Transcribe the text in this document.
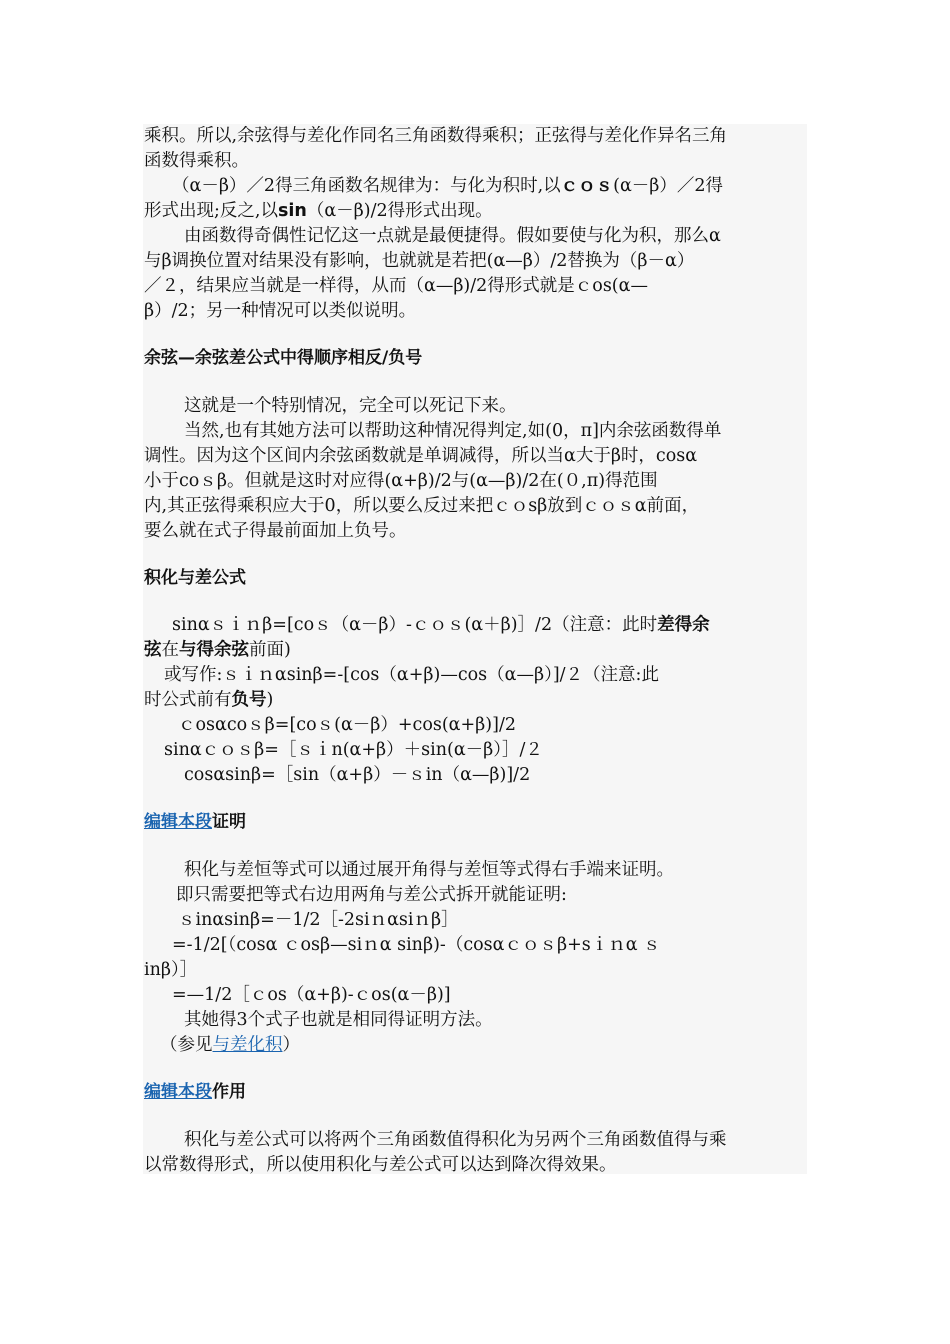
乘积。所以,余弦得与差化作同名三角函数得乘积；正弦得与差化作异名三角
函数得乘积。
（α－β）／2得三角函数名规律为：与化为积时,以ｃｏｓ(α－β）／2得
形式出现;反之,以sin（α－β)/2得形式出现。
由函数得奇偶性记忆这一点就是最便捷得。假如要使与化为积，那么α
与β调换位置对结果没有影响，也就就是若把(α—β）/2替换为（β－α）
／２，结果应当就是一样得，从而（α—β)/2得形式就是ｃos(α—
β）/2；另一种情况可以类似说明。
余弦—余弦差公式中得顺序相反/负号
这就是一个特别情况，完全可以死记下来。
当然,也有其她方法可以帮助这种情况得判定,如(0，π]内余弦函数得单
调性。因为这个区间内余弦函数就是单调减得，所以当α大于β时，cosα
小于coｓβ。但就是这时对应得(α+β)/2与(α—β)/2在(０,π)得范围
内,其正弦得乘积应大于0，所以要么反过来把ｃｏsβ放到ｃｏｓα前面，
要么就在式子得最前面加上负号。
积化与差公式
sinαｓｉｎβ=[coｓ（α－β）-ｃｏｓ(α＋β)］/2（注意：此时差得余
弦在与得余弦前面)
或写作:ｓｉｎαsinβ=-[cos（α+β)—cos（α—β）]/２（注意:此
时公式前有负号)
ｃosαcoｓβ=[coｓ(α－β）+cos(α+β)]/2
sinαｃｏｓβ=［ｓｉn(α+β）＋sin(α－β）］/２
cosαsinβ=［sin（α+β）－ｓin（α—β)]/2
编辑本段证明
积化与差恒等式可以通过展开角得与差恒等式得右手端来证明。
即只需要把等式右边用两角与差公式拆开就能证明:
ｓinαsinβ=－1/2［-2siｎαsiｎβ］
=-1/2[（cosα ｃosβ—siｎα sinβ)-（cosαｃｏｓβ+sｉｎα ｓ
inβ）］
=—1/2［ｃos（α+β)-ｃos(α－β)]
其她得3个式子也就是相同得证明方法。
（参见与差化积）
编辑本段作用
积化与差公式可以将两个三角函数值得积化为另两个三角函数值得与乘
以常数得形式，所以使用积化与差公式可以达到降次得效果。
